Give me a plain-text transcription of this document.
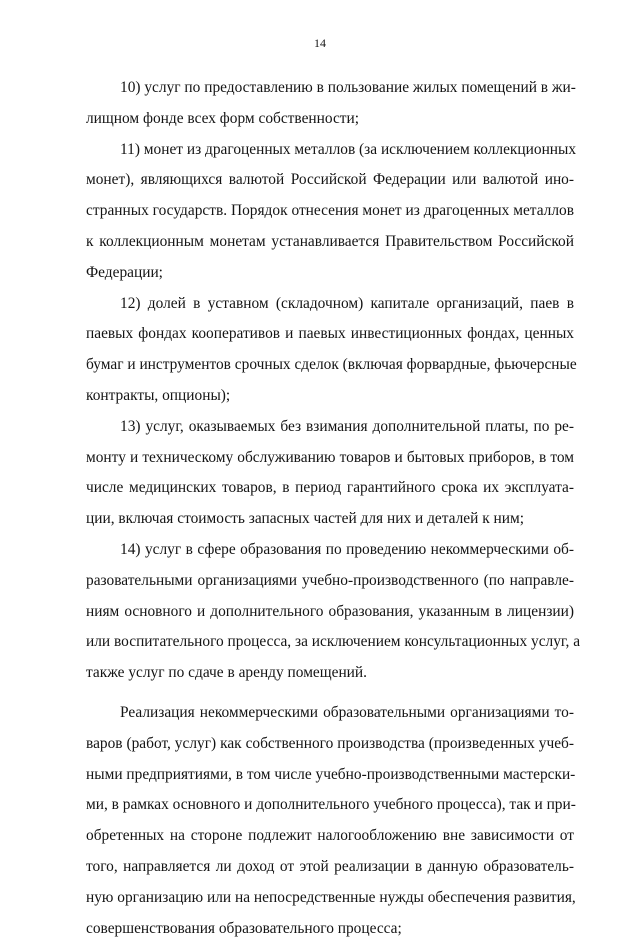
14
10) услуг по предоставлению в пользование жилых помещений в жи-
лищном фонде всех форм собственности;
11) монет из драгоценных металлов (за исключением коллекционных
монет), являющихся валютой Российской Федерации или валютой ино-
странных государств. Порядок отнесения монет из драгоценных металлов
к коллекционным монетам устанавливается Правительством Российской
Федерации;
12) долей в уставном (складочном) капитале организаций, паев в
паевых фондах кооперативов и паевых инвестиционных фондах, ценных
бумаг и инструментов срочных сделок (включая форвардные, фьючерсные
контракты, опционы);
13) услуг, оказываемых без взимания дополнительной платы, по ре-
монту и техническому обслуживанию товаров и бытовых приборов, в том
числе медицинских товаров, в период гарантийного срока их эксплуата-
ции, включая стоимость запасных частей для них и деталей к ним;
14) услуг в сфере образования по проведению некоммерческими об-
разовательными организациями учебно-производственного (по направле-
ниям основного и дополнительного образования, указанным в лицензии)
или воспитательного процесса, за исключением консультационных услуг, а
также услуг по сдаче в аренду помещений.
Реализация некоммерческими образовательными организациями то-
варов (работ, услуг) как собственного производства (произведенных учеб-
ными предприятиями, в том числе учебно-производственными мастерски-
ми, в рамках основного и дополнительного учебного процесса), так и при-
обретенных на стороне подлежит налогообложению вне зависимости от
того, направляется ли доход от этой реализации в данную образователь-
ную организацию или на непосредственные нужды обеспечения развития,
совершенствования образовательного процесса;
